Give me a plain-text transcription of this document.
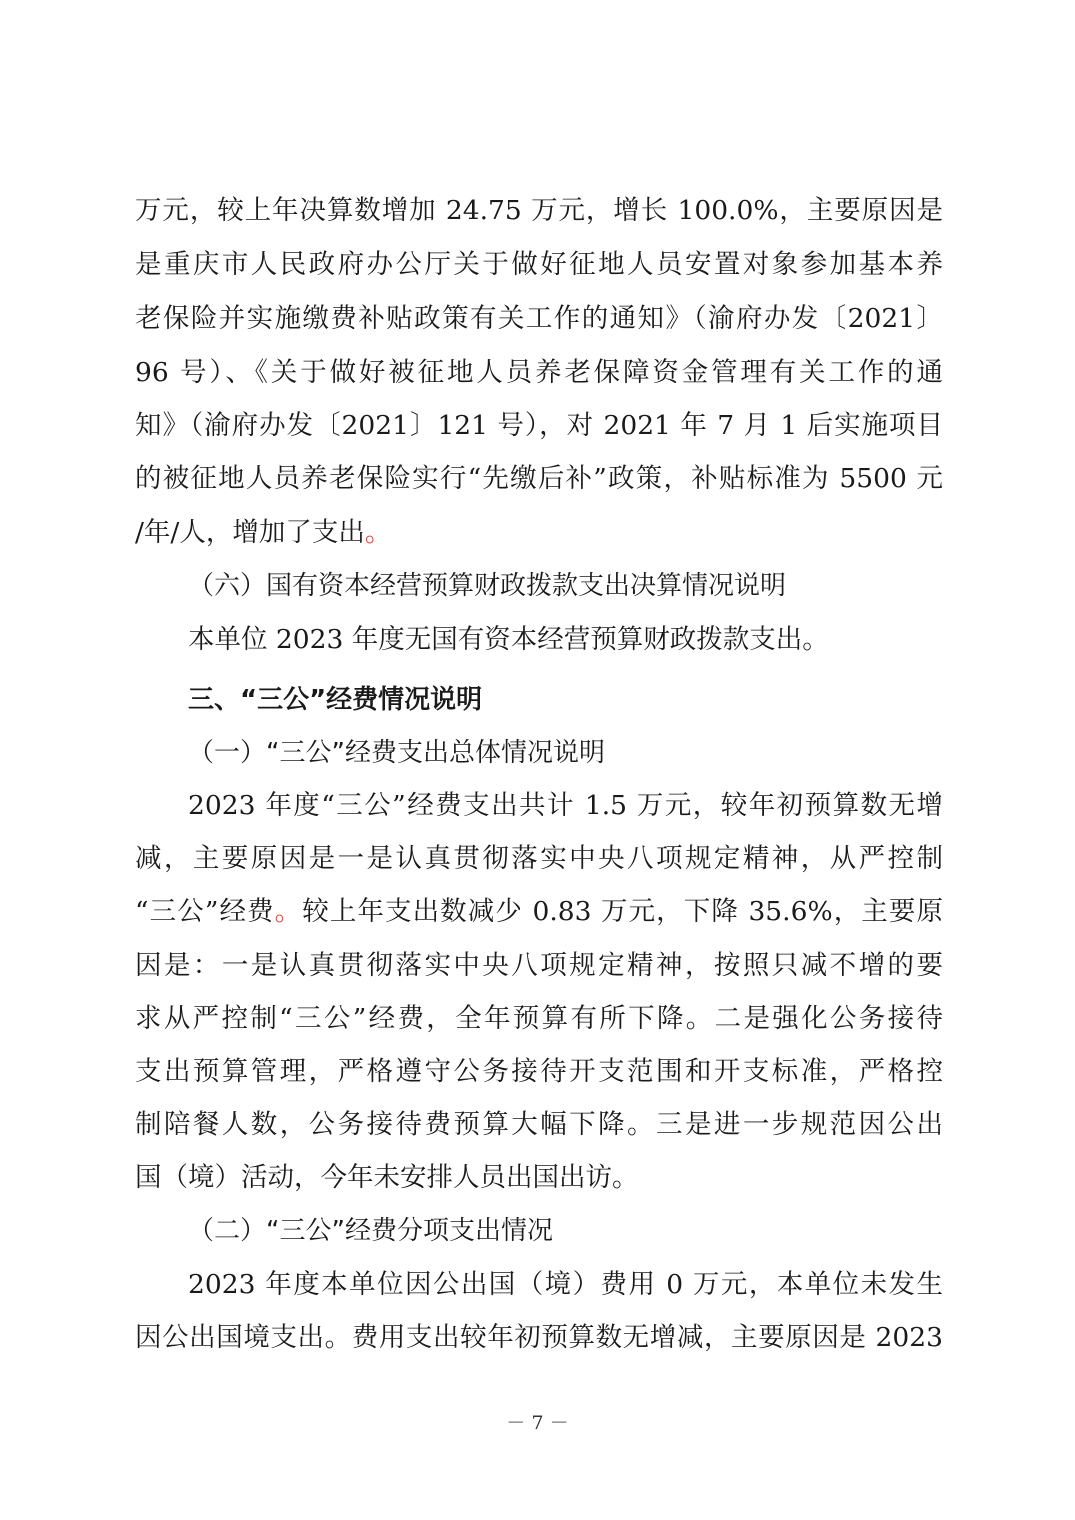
万元，较上年决算数增加 24.75 万元，增长 100.0%，主要原因是
是重庆市人民政府办公厅关于做好征地人员安置对象参加基本养
老保险并实施缴费补贴政策有关工作的通知》（渝府办发〔2021〕
96 号）、《关于做好被征地人员养老保障资金管理有关工作的通
知》（渝府办发〔2021〕121 号），对 2021 年 7 月 1 后实施项目
的被征地人员养老保险实行“先缴后补”政策，补贴标准为 5500 元
/年/人，增加了支出。
（六）国有资本经营预算财政拨款支出决算情况说明
本单位 2023 年度无国有资本经营预算财政拨款支出。
三、“三公”经费情况说明
（一）“三公”经费支出总体情况说明
2023 年度“三公”经费支出共计 1.5 万元，较年初预算数无增
减，主要原因是一是认真贯彻落实中央八项规定精神，从严控制
“三公”经费。较上年支出数减少 0.83 万元，下降 35.6%，主要原
因是：一是认真贯彻落实中央八项规定精神，按照只减不增的要
求从严控制“三公”经费，全年预算有所下降。二是强化公务接待
支出预算管理，严格遵守公务接待开支范围和开支标准，严格控
制陪餐人数，公务接待费预算大幅下降。三是进一步规范因公出
国（境）活动，今年未安排人员出国出访。
（二）“三公”经费分项支出情况
2023 年度本单位因公出国（境）费用 0 万元，本单位未发生
因公出国境支出。费用支出较年初预算数无增减，主要原因是 2023
－ 7 －
